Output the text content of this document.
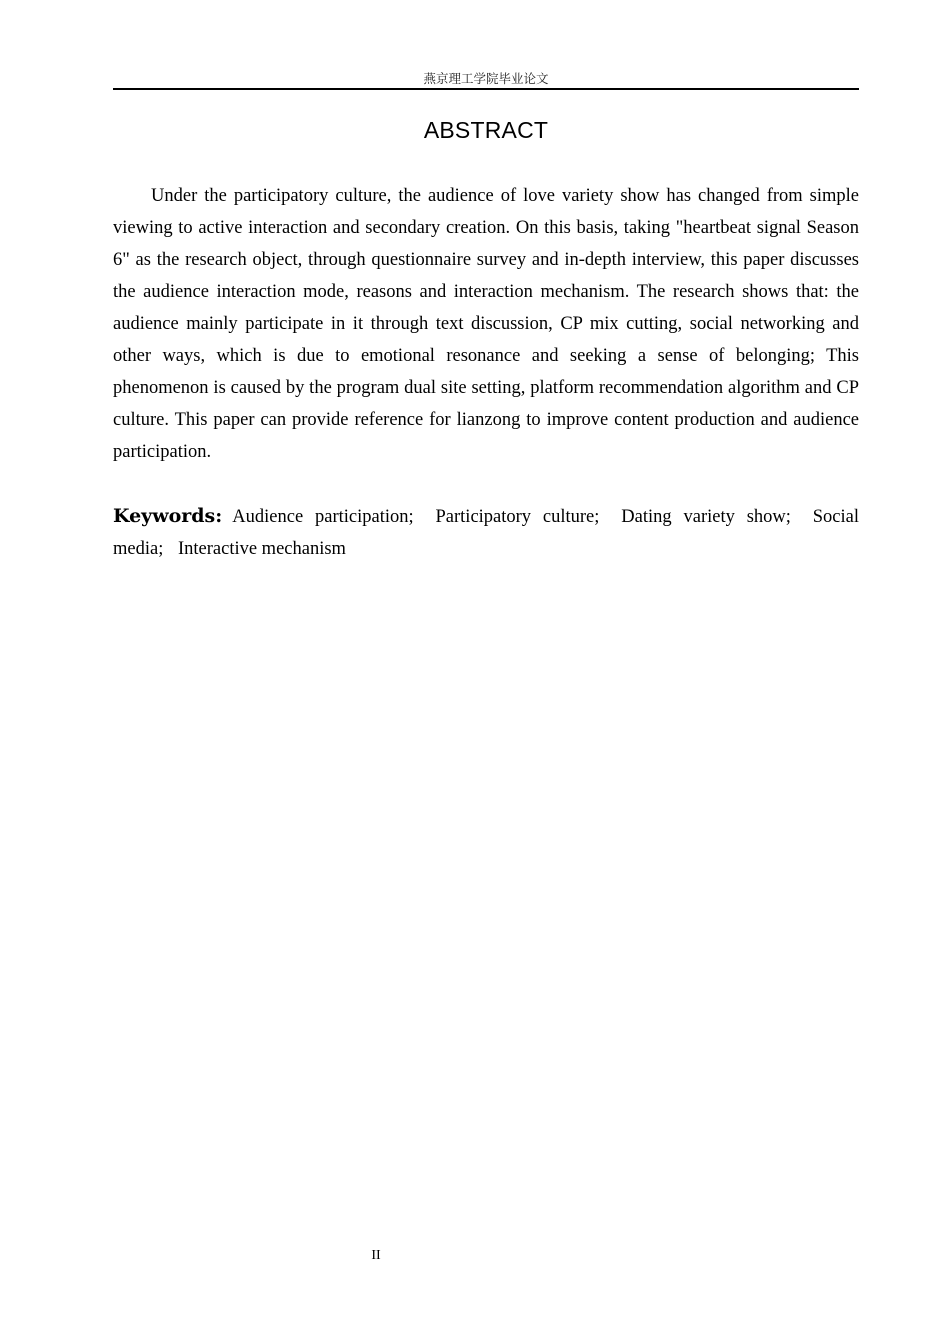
燕京理工学院毕业论文
ABSTRACT

Under the participatory culture, the audience of love variety show has changed from simple viewing to active interaction and secondary creation. On this basis, taking "heartbeat signal Season 6" as the research object, through questionnaire survey and in-depth interview, this paper discusses the audience interaction mode, reasons and interaction mechanism. The research shows that: the audience mainly participate in it through text discussion, CP mix cutting, social networking and other ways, which is due to emotional resonance and seeking a sense of belonging; This phenomenon is caused by the program dual site setting, platform recommendation algorithm and CP culture. This paper can provide reference for lianzong to improve content production and audience participation.

Keywords: Audience participation; Participatory culture; Dating variety show; Social media; Interactive mechanism

II
